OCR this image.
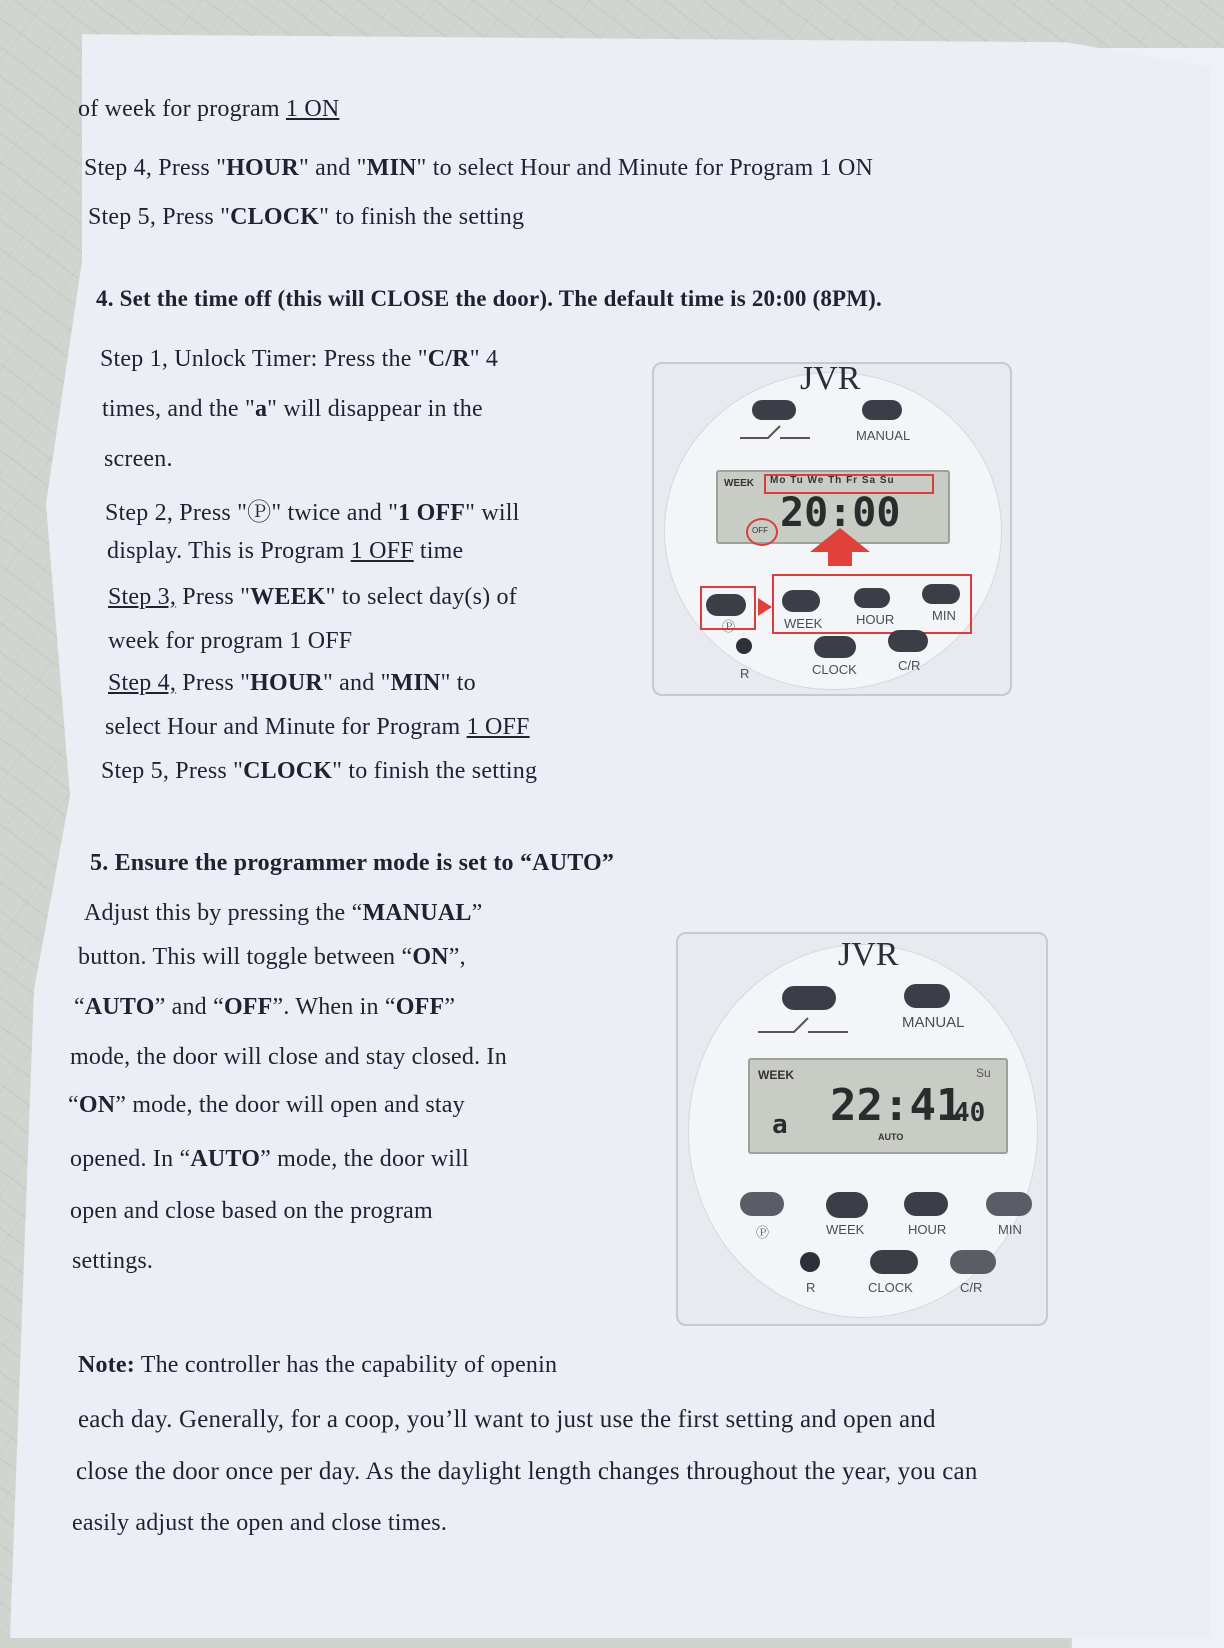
of week for program 1 ON
Step 4, Press "HOUR" and "MIN" to select Hour and Minute for Program 1 ON
Step 5, Press "CLOCK" to finish the setting
4. Set the time off (this will CLOSE the door). The default time is 20:00 (8PM).
Step 1, Unlock Timer: Press the "C/R" 4
times, and the "a" will disappear in the
screen.
Step 2, Press "Ⓟ" twice and "1 OFF" will
display. This is Program 1 OFF time
Step 3, Press "WEEK" to select day(s) of
week for program 1 OFF
Step 4, Press "HOUR" and "MIN" to
select Hour and Minute for Program 1 OFF
Step 5, Press "CLOCK" to finish the setting
JVR
MANUAL
WEEK Mo Tu We Th Fr Sa Su
20:00
OFF
Ⓟ	WEEK	HOUR	MIN
R	CLOCK	C/R
5. Ensure the programmer mode is set to “AUTO”
Adjust this by pressing the “MANUAL”
button. This will toggle between “ON”,
“AUTO” and “OFF”. When in “OFF”
mode, the door will close and stay closed. In
“ON” mode, the door will open and stay
opened. In “AUTO” mode, the door will
open and close based on the program
settings.
JVR
MANUAL
WEEK	Su
22:41
40
a	AUTO
Ⓟ	WEEK	HOUR	MIN
R	CLOCK	C/R
Note: The controller has the capability of openin
each day. Generally, for a coop, you’ll want to just use the first setting and open and
close the door once per day. As the daylight length changes throughout the year, you can
easily adjust the open and close times.
